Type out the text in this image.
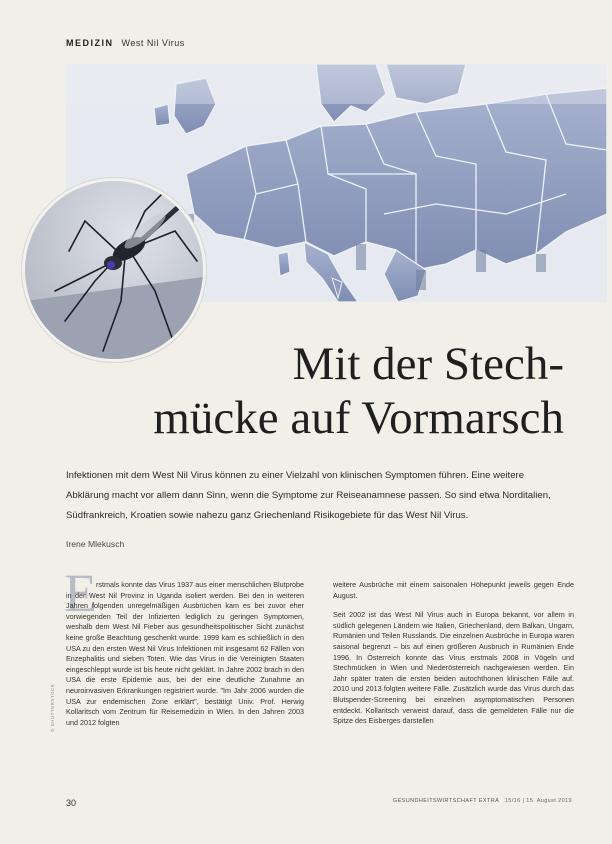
MEDIZIN West Nil Virus
Mit der Stech-
mücke auf Vormarsch
Infektionen mit dem West Nil Virus können zu einer Vielzahl von klinischen Symptomen führen. Eine weitere Abklärung macht vor allem dann Sinn, wenn die Symptome zur Reiseanamnese passen. So sind etwa Norditalien, Südfrankreich, Kroatien sowie nahezu ganz Griechenland Risikogebiete für das West Nil Virus.
Irene Mlekusch
E rstmals konnte das Virus 1937 aus einer menschlichen Blutprobe in der West Nil Provinz in Uganda isoliert werden. Bei den in weiteren Jahren folgenden unregelmäßigen Ausbrüchen kam es bei zuvor eher vorwiegenden Teil der Infizierten lediglich zu geringen Symptomen, weshalb dem West Nil Fieber aus gesundheitspolitischer Sicht zunächst keine große Beachtung geschenkt wurde. 1999 kam es schließlich in den USA zu den ersten West Nil Virus Infektionen mit insgesamt 62 Fällen von Enzephalitis und sieben Toten. Wie das Virus in die Vereinigten Staaten eingeschleppt wurde ist bis heute nicht geklärt. In Jahre 2002 brach in den USA die erste Epidemie aus, bei der eine deutliche Zunahme an neuroinvasiven Erkrankungen registriert wurde. "Im Jahr 2006 wurden die USA zur endemischen Zone erklärt", bestätigt Univ. Prof. Herwig Kollaritsch vom Zentrum für Reisemedizin in Wien. In den Jahren 2003 und 2012 folgten

weitere Ausbrüche mit einem saisonalen Höhepunkt jeweils gegen Ende August.

Seit 2002 ist das West Nil Virus auch in Europa bekannt, vor allem in südlich gelegenen Ländern wie Italien, Griechenland, dem Balkan, Ungarn, Rumänien und Teilen Russlands. Die einzelnen Ausbrüche in Europa waren saisonal begrenzt – bis auf einen größeren Ausbruch in Rumänien Ende 1996. In Österreich konnte das Virus erstmals 2008 in Vögeln und Stechmücken in Wien und Niederösterreich nachgewiesen werden. Ein Jahr später traten die ersten beiden autochthonen klinischen Fälle auf. 2010 und 2013 folgten weitere Fälle. Zusätzlich wurde das Virus durch das Blutspender-Screening bei einzelnen asymptomatischen Personen entdeckt. Kollaritsch verweist darauf, dass die gemeldeten Fälle nur die Spitze des Eisberges darstellen

© SHUTTERSTOCK
30	GESUNDHEITSWIRTSCHAFT EXTRA 15/16 | 15. August 2019
